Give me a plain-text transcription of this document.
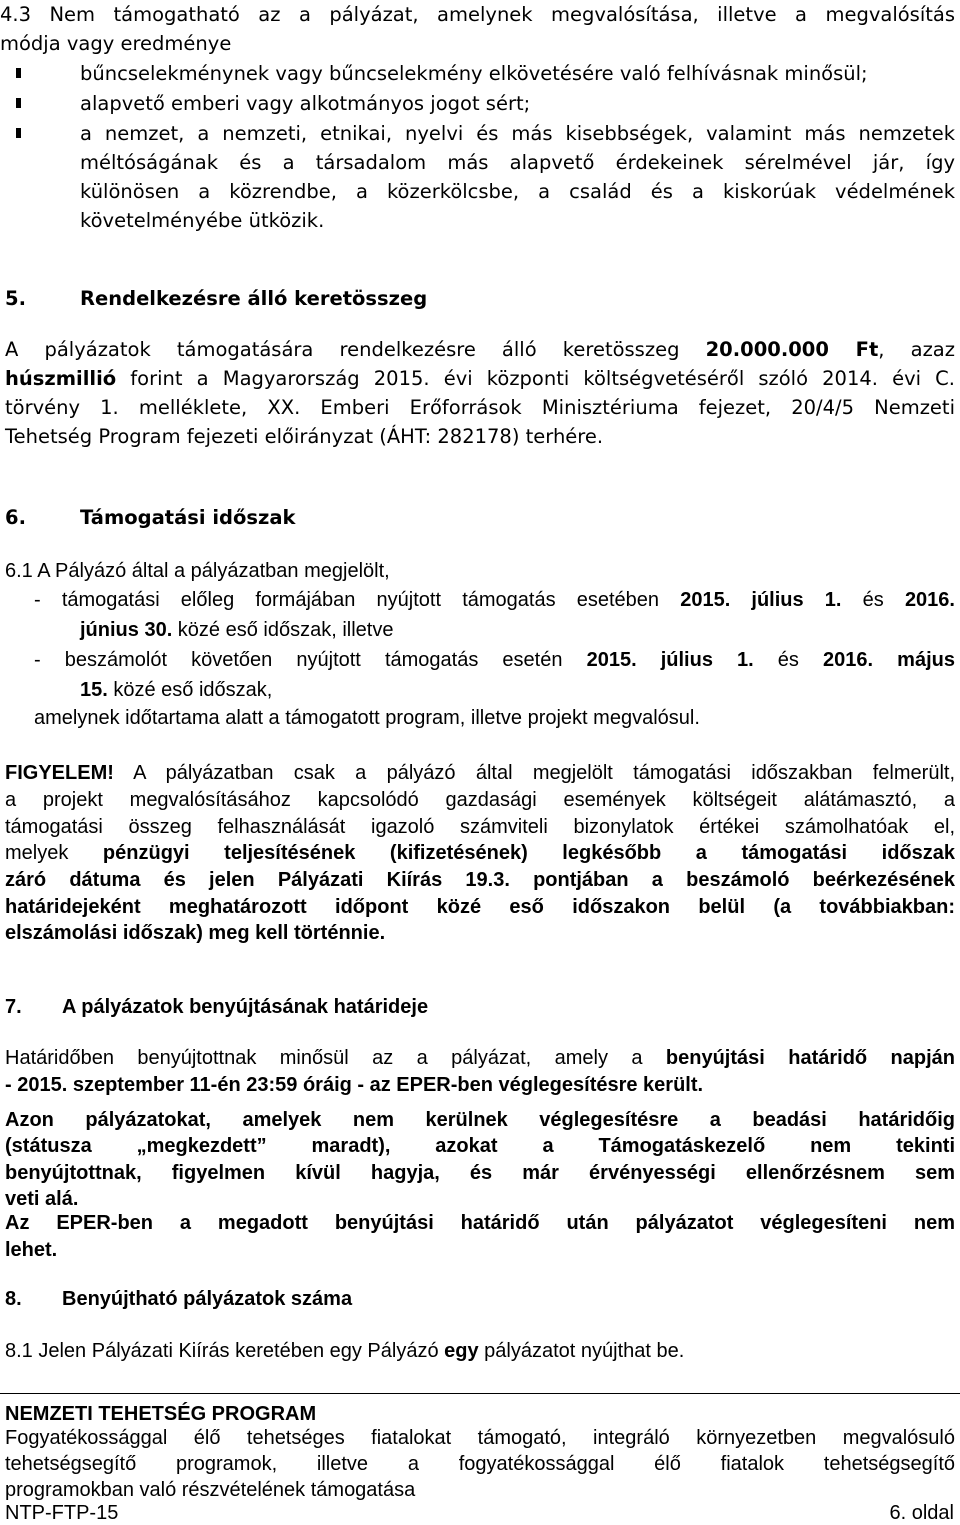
4.3 Nem támogatható az a pályázat, amelynek megvalósítása, illetve a megvalósítás
módja vagy eredménye
bűncselekménynek vagy bűncselekmény elkövetésére való felhívásnak minősül;
alapvető emberi vagy alkotmányos jogot sért;
a nemzet, a nemzeti, etnikai, nyelvi és más kisebbségek, valamint más nemzetek
méltóságának és a társadalom más alapvető érdekeinek sérelmével jár, így
különösen a közrendbe, a közerkölcsbe, a család és a kiskorúak védelmének
követelményébe ütközik.
5.	Rendelkezésre álló keretösszeg
A pályázatok támogatására rendelkezésre álló keretösszeg 20.000.000 Ft, azaz
húszmillió forint a Magyarország 2015. évi központi költségvetéséről szóló 2014. évi C.
törvény 1. melléklete, XX. Emberi Erőforrások Minisztériuma fejezet, 20/4/5 Nemzeti
Tehetség Program fejezeti előirányzat (ÁHT: 282178) terhére.
6.	Támogatási időszak
6.1 A Pályázó által a pályázatban megjelölt,
- támogatási előleg formájában nyújtott támogatás esetében 2015. július 1. és 2016.
június 30. közé eső időszak, illetve
- beszámolót követően nyújtott támogatás esetén 2015. július 1. és 2016. május
15. közé eső időszak,
amelynek időtartama alatt a támogatott program, illetve projekt megvalósul.
FIGYELEM! A pályázatban csak a pályázó által megjelölt támogatási időszakban felmerült,
a projekt megvalósításához kapcsolódó gazdasági események költségeit alátámasztó, a
támogatási összeg felhasználását igazoló számviteli bizonylatok értékei számolhatóak el,
melyek pénzügyi teljesítésének (kifizetésének) legkésőbb a támogatási időszak
záró dátuma és jelen Pályázati Kiírás 19.3. pontjában a beszámoló beérkezésének
határidejeként meghatározott időpont közé eső időszakon belül (a továbbiakban:
elszámolási időszak) meg kell történnie.
7. A pályázatok benyújtásának határideje
Határidőben benyújtottnak minősül az a pályázat, amely a benyújtási határidő napján
- 2015. szeptember 11-én 23:59 óráig - az EPER-ben véglegesítésre került.
Azon pályázatokat, amelyek nem kerülnek véglegesítésre a beadási határidőig
(státusza „megkezdett” maradt), azokat a Támogatáskezelő nem tekinti
benyújtottnak, figyelmen kívül hagyja, és már érvényességi ellenőrzésnem sem
veti alá.
Az EPER-ben a megadott benyújtási határidő után pályázatot véglegesíteni nem
lehet.
8. Benyújtható pályázatok száma
8.1 Jelen Pályázati Kiírás keretében egy Pályázó egy pályázatot nyújthat be.
NEMZETI TEHETSÉG PROGRAM
Fogyatékossággal élő tehetséges fiatalokat támogató, integráló környezetben megvalósuló
tehetségsegítő programok, illetve a fogyatékossággal élő fiatalok tehetségsegítő
programokban való részvételének támogatása
NTP-FTP-15	6. oldal
